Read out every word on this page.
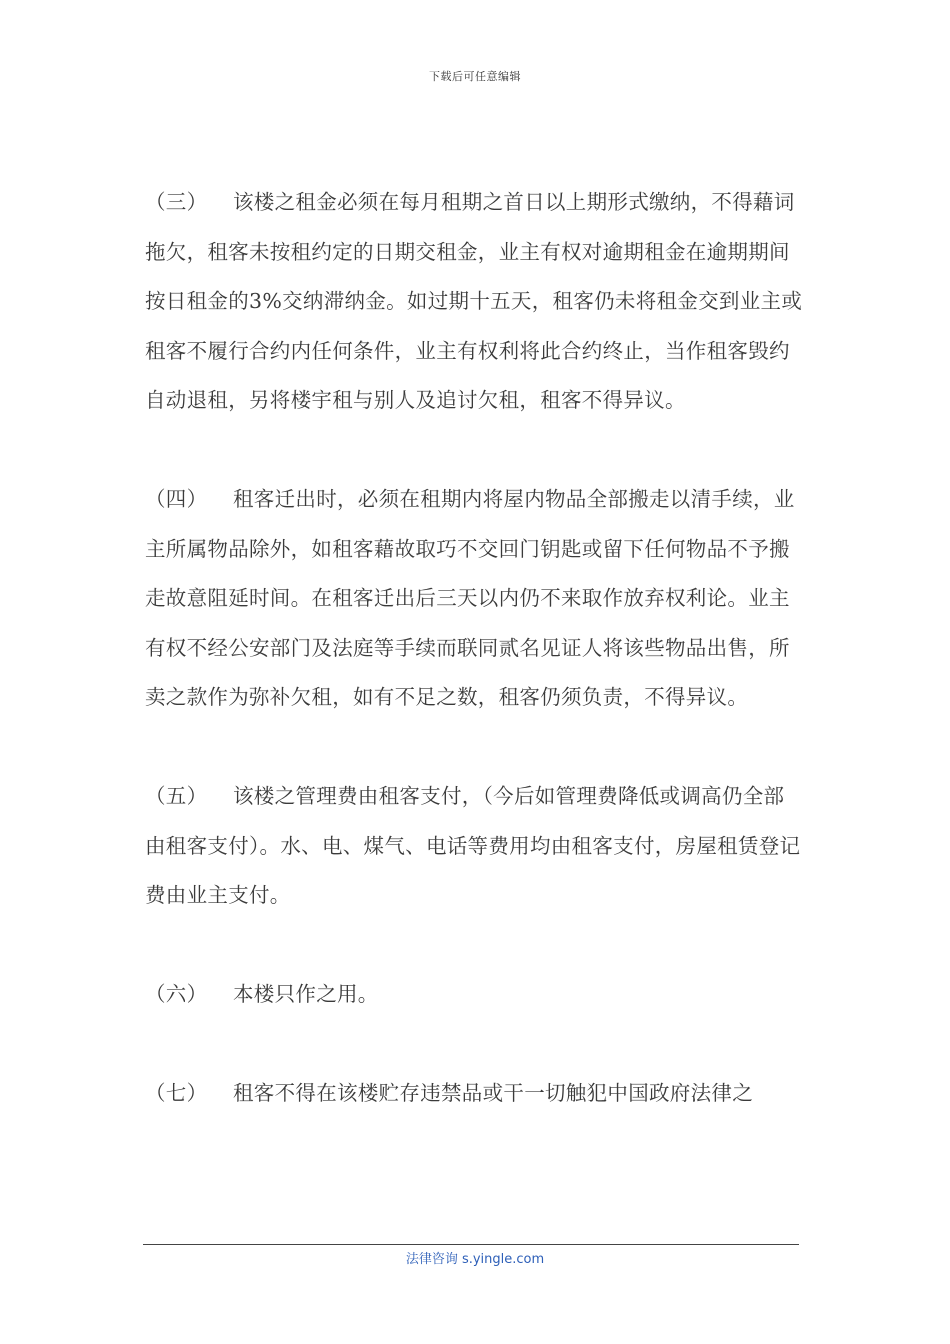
下载后可任意编辑

（三） 该楼之租金必须在每月租期之首日以上期形式缴纳，不得藉词拖欠，租客未按租约定的日期交租金，业主有权对逾期租金在逾期期间按日租金的3%交纳滞纳金。如过期十五天，租客仍未将租金交到业主或租客不履行合约内任何条件，业主有权利将此合约终止，当作租客毁约自动退租，另将楼宇租与别人及追讨欠租，租客不得异议。

（四） 租客迁出时，必须在租期内将屋内物品全部搬走以清手续，业主所属物品除外，如租客藉故取巧不交回门钥匙或留下任何物品不予搬走故意阻延时间。在租客迁出后三天以内仍不来取作放弃权利论。业主有权不经公安部门及法庭等手续而联同贰名见证人将该些物品出售，所卖之款作为弥补欠租，如有不足之数，租客仍须负责，不得异议。

（五） 该楼之管理费由租客支付，（今后如管理费降低或调高仍全部由租客支付）。水、电、煤气、电话等费用均由租客支付，房屋租赁登记费由业主支付。

（六） 本楼只作之用。

（七） 租客不得在该楼贮存违禁品或干一切触犯中国政府法律之

法律咨询 s.yingle.com
